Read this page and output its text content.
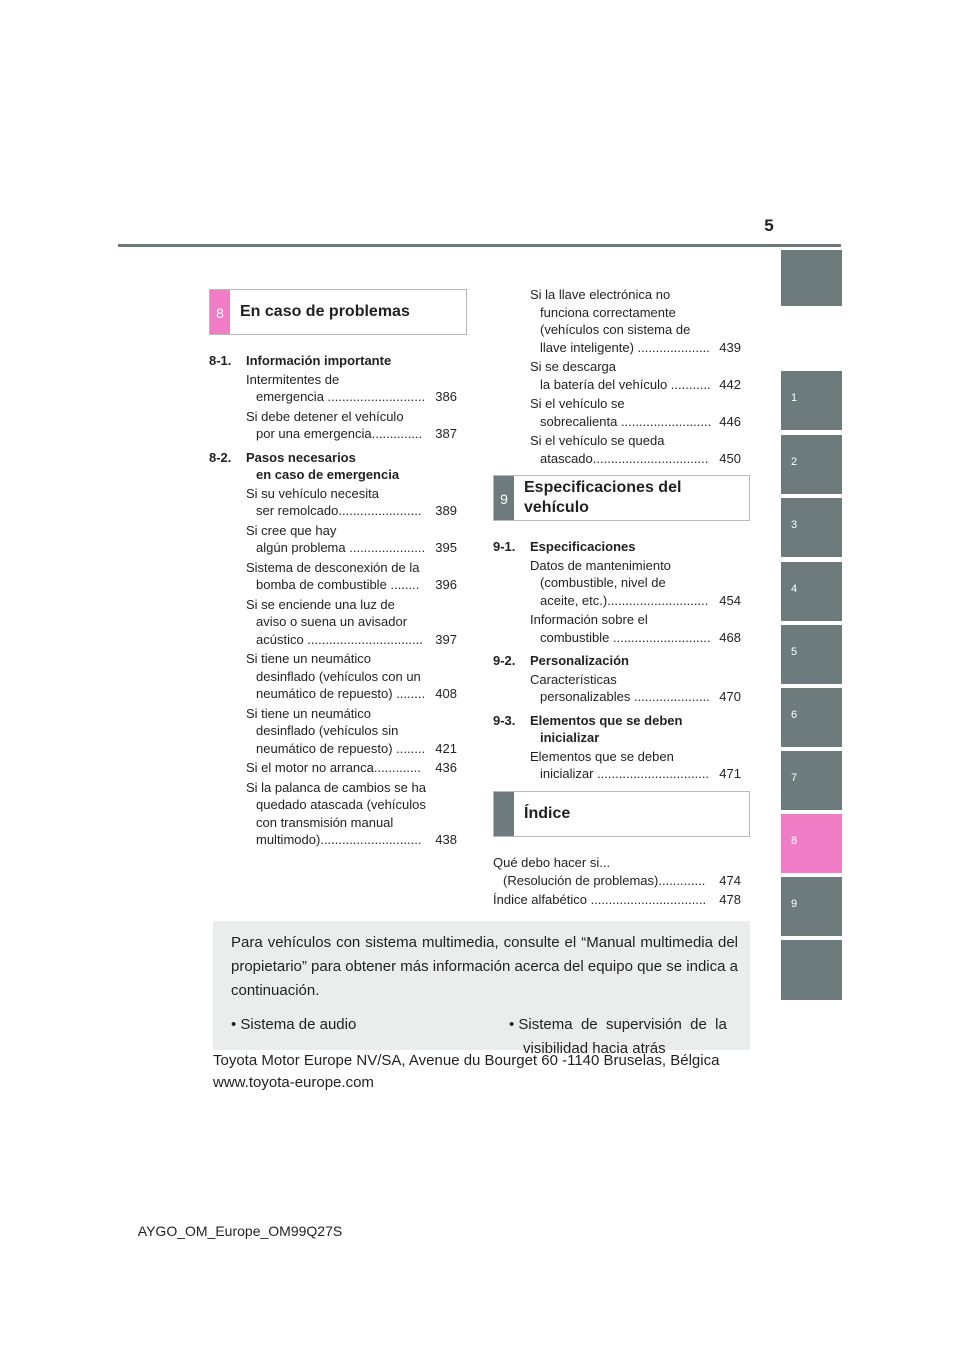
5
1
2
3
4
5
6
7
8
9
8	En caso de problemas
8-1.	Información importante
Intermitentes de
emergencia ........................... 386
Si debe detener el vehículo
por una emergencia..............	387
8-2.	Pasos necesarios
en caso de emergencia
Si su vehículo necesita
ser remolcado.......................	389
Si cree que hay
algún problema ..................... 395
Sistema de desconexión de la
bomba de combustible ........	396
Si se enciende una luz de
aviso o suena un avisador
acústico ................................ 397
Si tiene un neumático
desinflado (vehículos con un
neumático de repuesto) ........ 408
Si tiene un neumático
desinflado (vehículos sin
neumático de repuesto) ........ 421
Si el motor no arranca.............	436
Si la palanca de cambios se ha
quedado atascada (vehículos
con transmisión manual
multimodo)............................	438
Si la llave electrónica no
funciona correctamente
(vehículos con sistema de
llave inteligente) .................... 439
Si se descarga
la batería del vehículo ........... 442
Si el vehículo se
sobrecalienta ......................... 446
Si el vehículo se queda
atascado................................ 450
9
Especificaciones del
vehículo
9-1.	Especificaciones
Datos de mantenimiento
(combustible, nivel de
aceite, etc.)............................ 454
Información sobre el
combustible ........................... 468
9-2.	Personalización
Características
personalizables ..................... 470
9-3.	Elementos que se deben
inicializar
Elementos que se deben
inicializar ............................... 471
Índice
Qué debo hacer si...
(Resolución de problemas).............	474
Índice alfabético ................................	478
Para vehículos con sistema multimedia, consulte el “Manual multimedia del propietario” para obtener más información acerca del equipo que se indica a continuación.
• Sistema de audio	• Sistema  de  supervisión  de  la
visibilidad hacia atrás
Toyota Motor Europe NV/SA, Avenue du Bourget 60 -1140 Bruselas, Bélgica
www.toyota-europe.com
AYGO_OM_Europe_OM99Q27S
